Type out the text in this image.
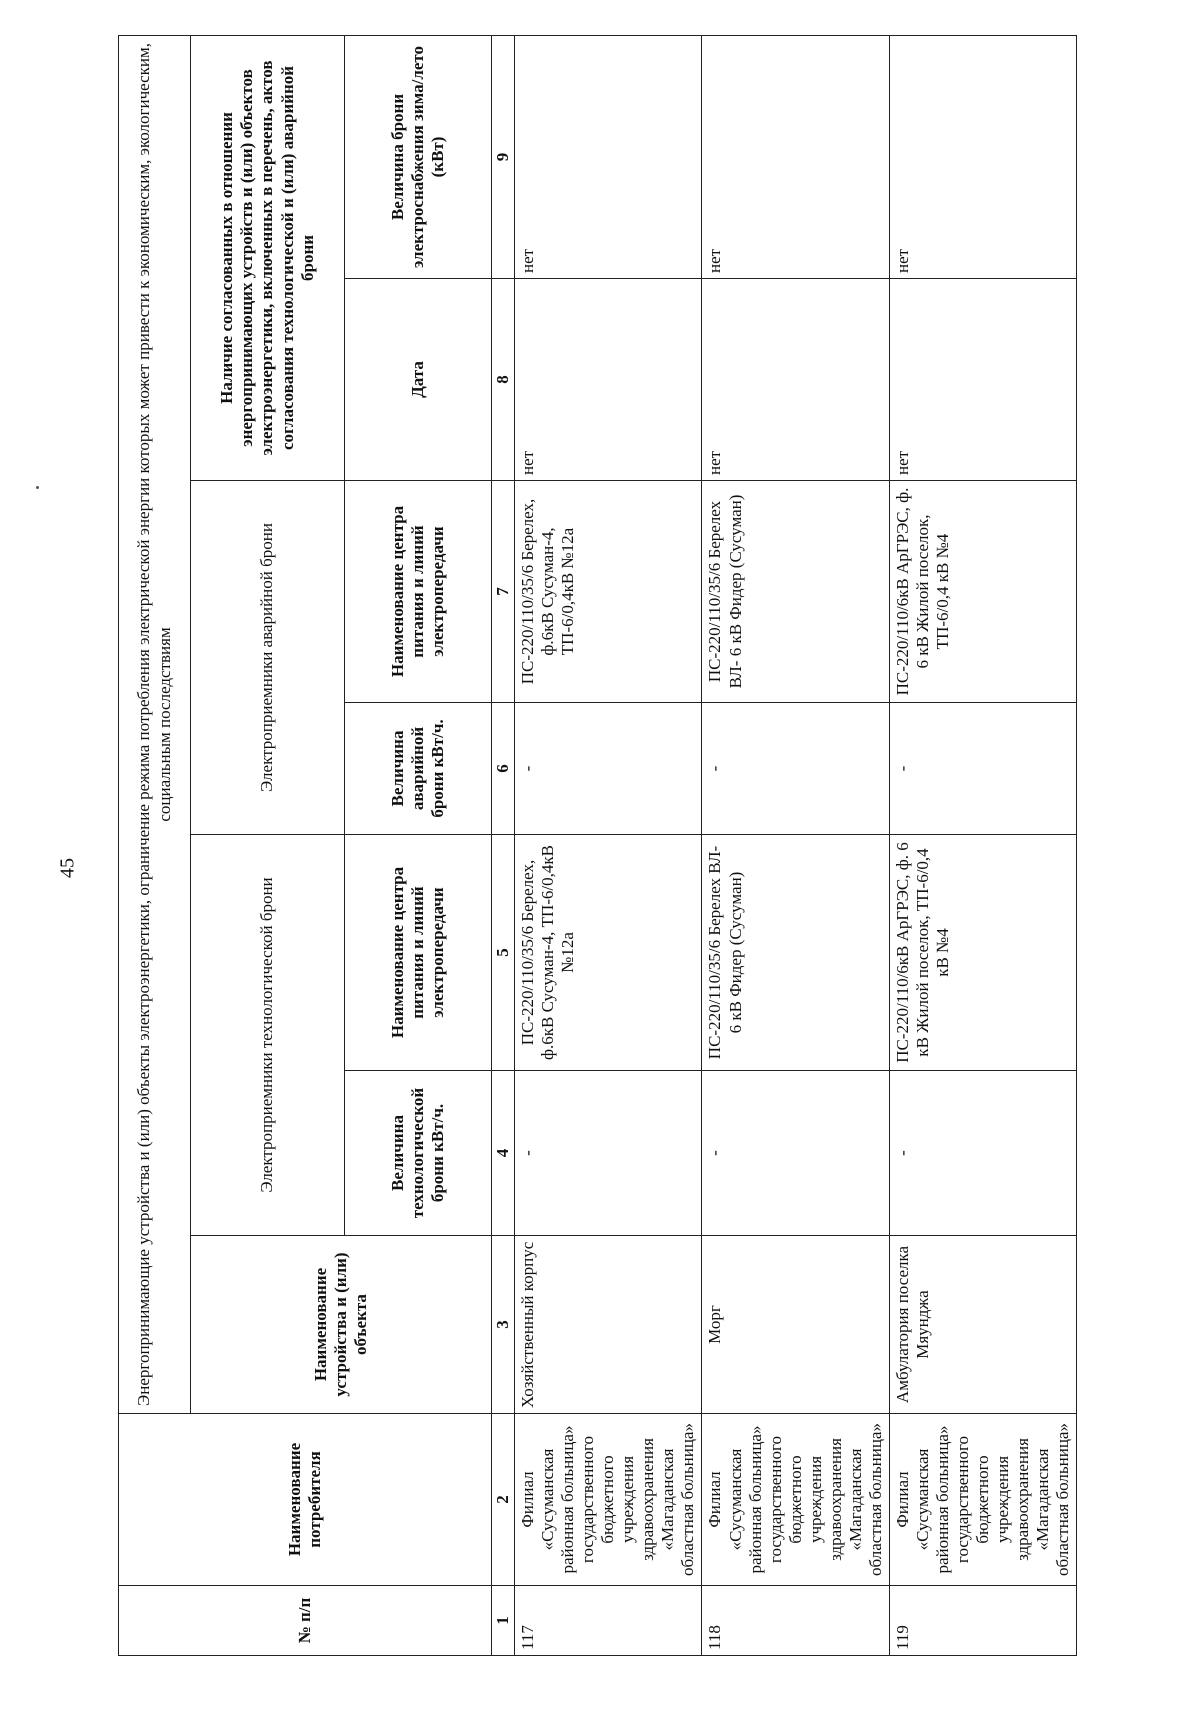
45
№ п/п	Наименование потребителя	Энергопринимающие устройства и (или) объекты электроэнергетики, ограничение режима потребления электрической энергии которых может привести к экономическим, экологическим, социальным последствиям						
		Наименование устройства и (или) объекта	Электроприемники технологической брони		Электроприемники аварийной брони		Наличие согласованных в отношении энергопринимающих устройств и (или) объектов электроэнергетики, включенных в перечень, актов согласования технологической и (или) аварийной брони	
			Величина технологической брони кВт/ч.	Наименование центра питания и линий электропередачи	Величина аварийной брони кВт/ч.	Наименование центра питания и линий электропередачи	Дата	Величина брони электроснабжения зима/лето (кВт)
1	2	3	4	5	6	7	8	9
117	Филиал «Сусуманская районная больница» государственного бюджетного учреждения здравоохранения «Магаданская областная больница»	Хозяйственный корпус	-	ПС-220/110/35/6 Берелех, ф.6кВ Сусуман-4, ТП-6/0,4кВ №12а	-	ПС-220/110/35/6 Берелех, ф.6кВ Сусуман-4, ТП-6/0,4кВ №12а	нет	нет
118	Филиал «Сусуманская районная больница» государственного бюджетного учреждения здравоохранения «Магаданская областная больница»	Морг	-	ПС-220/110/35/6 Берелех ВЛ- 6 кВ Фидер (Сусуман)	-	ПС-220/110/35/6 Берелех ВЛ- 6 кВ Фидер (Сусуман)	нет	нет
119	Филиал «Сусуманская районная больница» государственного бюджетного учреждения здравоохранения «Магаданская областная больница»	Амбулатория поселка Мяунджа	-	ПС-220/110/6кВ АрГРЭС, ф. 6 кВ Жилой поселок, ТП-6/0,4 кВ №4	-	ПС-220/110/6кВ АрГРЭС, ф. 6 кВ Жилой поселок, ТП-6/0,4 кВ №4	нет	нет
